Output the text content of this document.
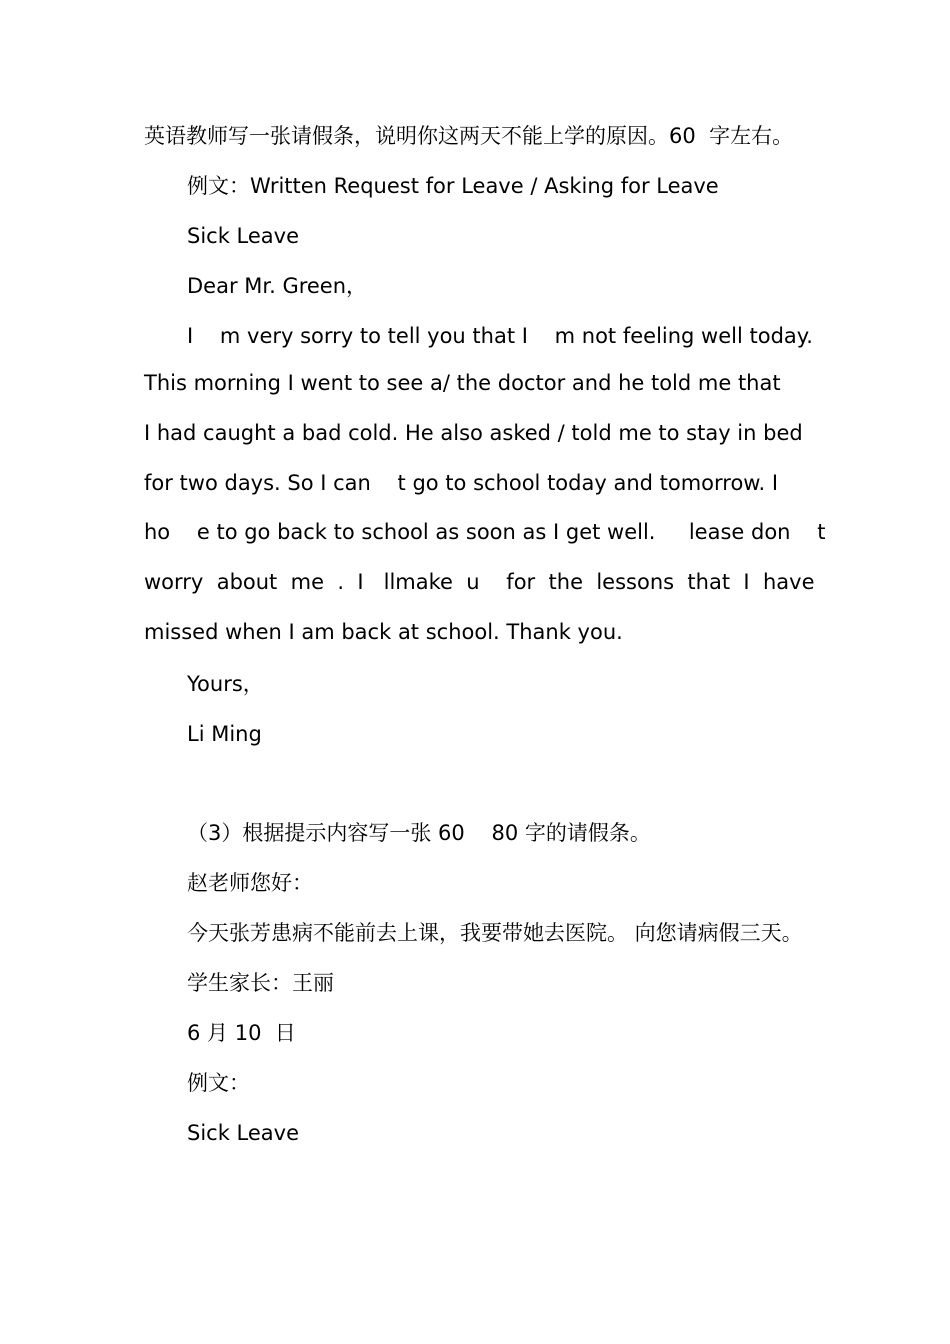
英语教师写一张请假条，说明你这两天不能上学的原因。60  字左右。
例文：Written Request for Leave / Asking for Leave
Sick Leave
Dear Mr. Green，
I    m very sorry to tell you that I    m not feeling well today.
This morning I went to see a/ the doctor and he told me that
I had caught a bad cold. He also asked / told me to stay in bed
for two days. So I can    t go to school today and tomorrow. I
ho    e to go back to school as soon as I get well.     lease don    t
worry  about  me  .  I   llmake  u    for  the  lessons  that  I  have
missed when I am back at school. Thank you.
Yours，
Li Ming
（3）根据提示内容写一张 60    80 字的请假条。
赵老师您好：
今天张芳患病不能前去上课，我要带她去医院。 向您请病假三天。
学生家长：王丽
6 月 10  日
例文：
Sick Leave
